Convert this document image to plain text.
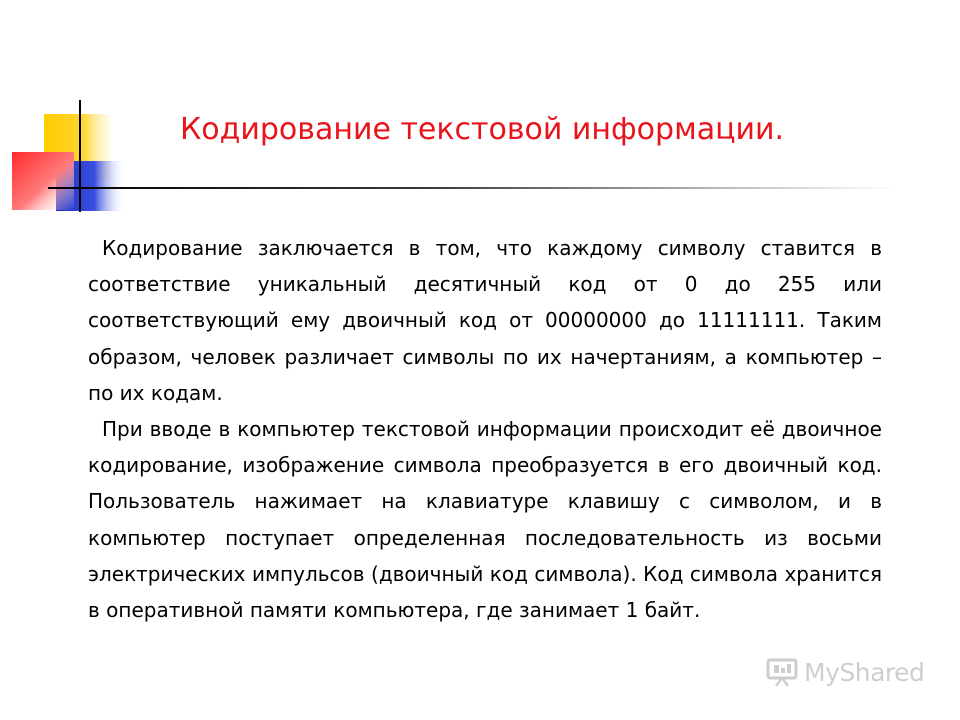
Кодирование текстовой информации.

Кодирование заключается в том, что каждому символу ставится в соответствие уникальный десятичный код от 0 до 255 или соответствующий ему двоичный код от 00000000 до 11111111. Таким образом, человек различает символы по их начертаниям, а компьютер – по их кодам.

При вводе в компьютер текстовой информации происходит её двоичное кодирование, изображение символа преобразуется в его двоичный код. Пользователь нажимает на клавиатуре клавишу с символом, и в компьютер поступает определенная последовательность из восьми электрических импульсов (двоичный код символа). Код символа хранится в оперативной памяти компьютера, где занимает 1 байт.

MyShared
